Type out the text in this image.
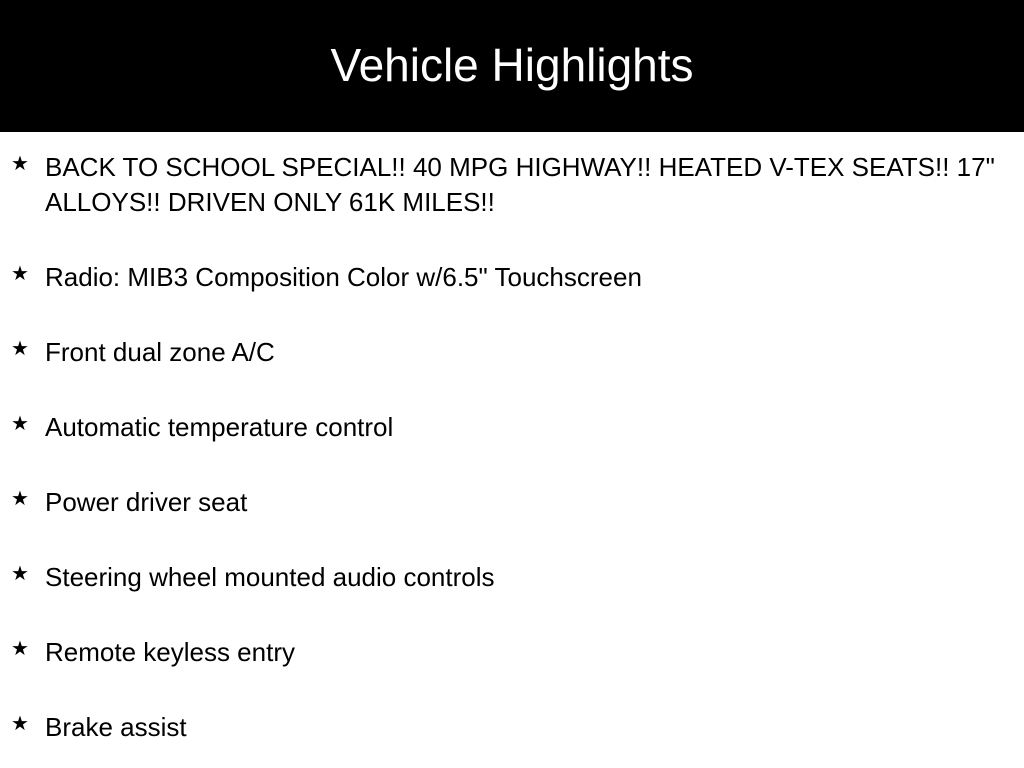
Vehicle Highlights
★ BACK TO SCHOOL SPECIAL!! 40 MPG HIGHWAY!! HEATED V-TEX SEATS!! 17" ALLOYS!! DRIVEN ONLY 61K MILES!!
★ Radio: MIB3 Composition Color w/6.5" Touchscreen
★ Front dual zone A/C
★ Automatic temperature control
★ Power driver seat
★ Steering wheel mounted audio controls
★ Remote keyless entry
★ Brake assist
